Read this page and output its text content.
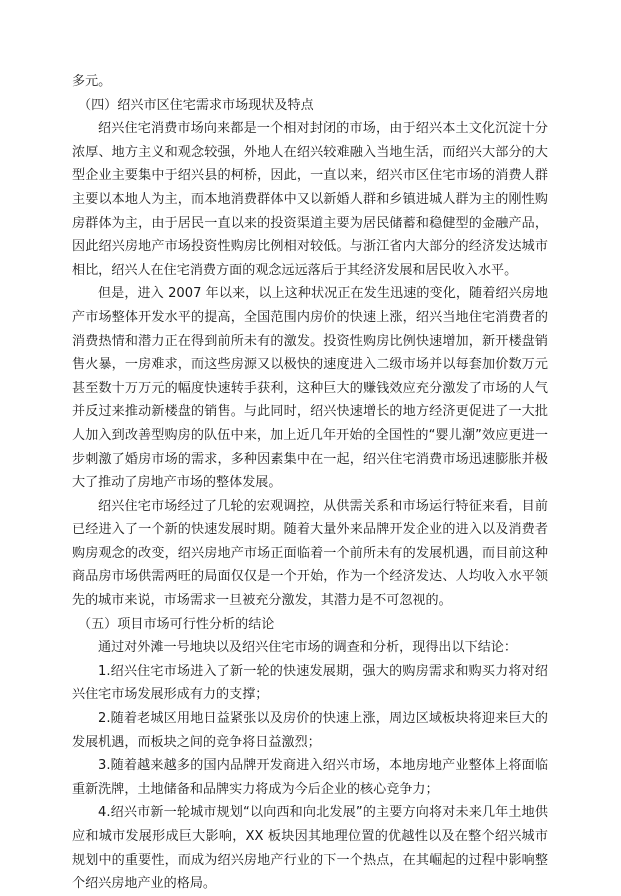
多元。

（四）绍兴市区住宅需求市场现状及特点

绍兴住宅消费市场向来都是一个相对封闭的市场，由于绍兴本土文化沉淀十分浓厚、地方主义和观念较强，外地人在绍兴较难融入当地生活，而绍兴大部分的大型企业主要集中于绍兴县的柯桥，因此，一直以来，绍兴市区住宅市场的消费人群主要以本地人为主，而本地消费群体中又以新婚人群和乡镇进城人群为主的刚性购房群体为主，由于居民一直以来的投资渠道主要为居民储蓄和稳健型的金融产品，因此绍兴房地产市场投资性购房比例相对较低。与浙江省内大部分的经济发达城市相比，绍兴人在住宅消费方面的观念远远落后于其经济发展和居民收入水平。

但是，进入 2007 年以来，以上这种状况正在发生迅速的变化，随着绍兴房地产市场整体开发水平的提高，全国范围内房价的快速上涨，绍兴当地住宅消费者的消费热情和潜力正在得到前所未有的激发。投资性购房比例快速增加，新开楼盘销售火暴，一房难求，而这些房源又以极快的速度进入二级市场并以每套加价数万元甚至数十万万元的幅度快速转手获利，这种巨大的赚钱效应充分激发了市场的人气并反过来推动新楼盘的销售。与此同时，绍兴快速增长的地方经济更促进了一大批人加入到改善型购房的队伍中来，加上近几年开始的全国性的“婴儿潮”效应更进一步刺激了婚房市场的需求，多种因素集中在一起，绍兴住宅消费市场迅速膨胀并极大了推动了房地产市场的整体发展。

绍兴住宅市场经过了几轮的宏观调控，从供需关系和市场运行特征来看，目前已经进入了一个新的快速发展时期。随着大量外来品牌开发企业的进入以及消费者购房观念的改变，绍兴房地产市场正面临着一个前所未有的发展机遇，而目前这种商品房市场供需两旺的局面仅仅是一个开始，作为一个经济发达、人均收入水平领先的城市来说，市场需求一旦被充分激发，其潜力是不可忽视的。

（五）项目市场可行性分析的结论

通过对外滩一号地块以及绍兴住宅市场的调查和分析，现得出以下结论：

1.绍兴住宅市场进入了新一轮的快速发展期，强大的购房需求和购买力将对绍兴住宅市场发展形成有力的支撑；

2.随着老城区用地日益紧张以及房价的快速上涨，周边区域板块将迎来巨大的发展机遇，而板块之间的竞争将日益激烈；

3.随着越来越多的国内品牌开发商进入绍兴市场，本地房地产业整体上将面临重新洗牌，土地储备和品牌实力将成为今后企业的核心竞争力；

4.绍兴市新一轮城市规划“以向西和向北发展”的主要方向将对未来几年土地供应和城市发展形成巨大影响，XX 板块因其地理位置的优越性以及在整个绍兴城市规划中的重要性，而成为绍兴房地产行业的下一个热点，在其崛起的过程中影响整个绍兴房地产业的格局。
